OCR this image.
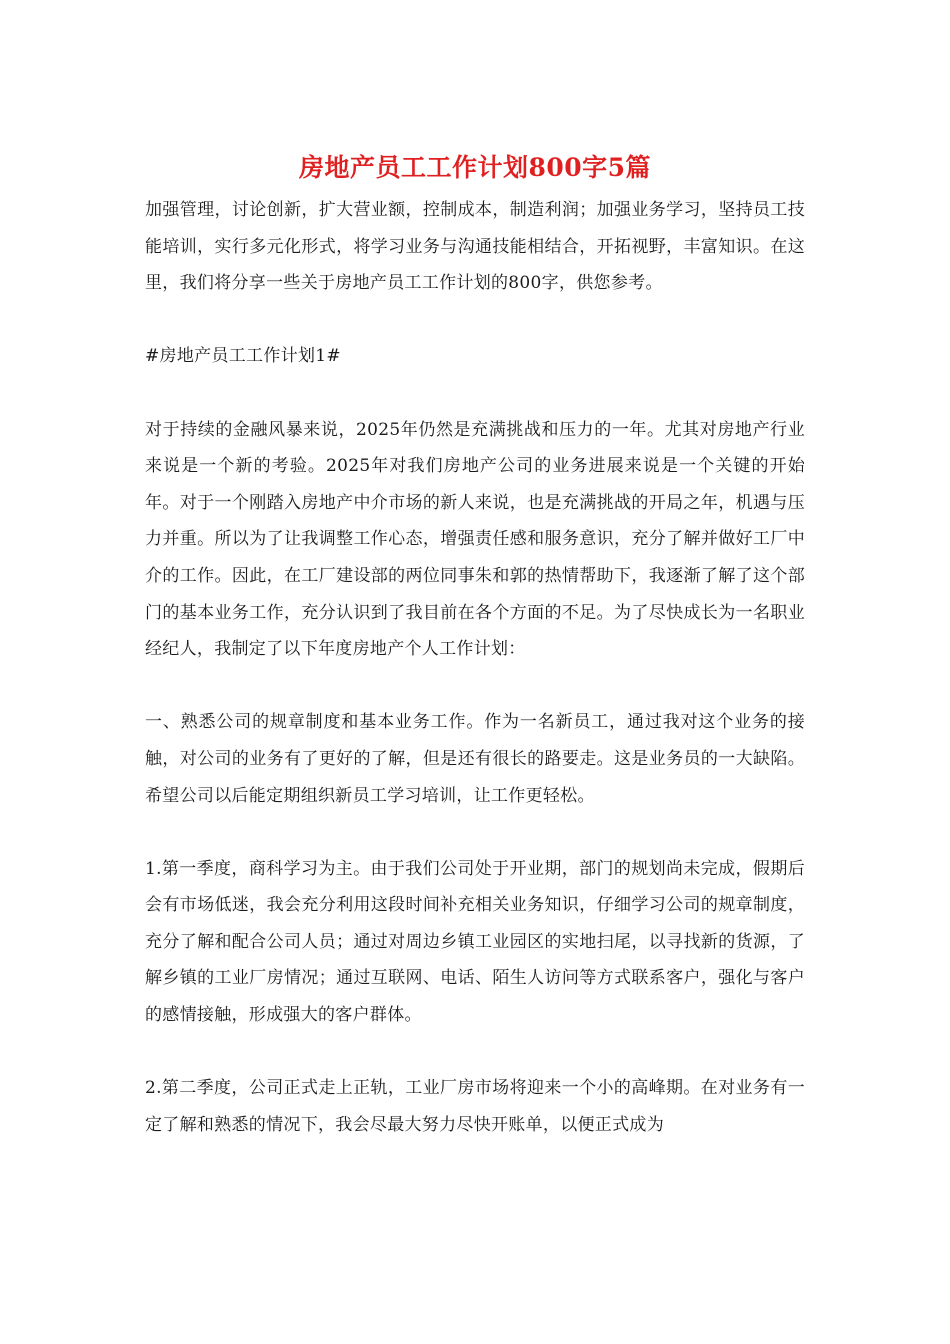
房地产员工工作计划800字5篇

加强管理，讨论创新，扩大营业额，控制成本，制造利润；加强业务学习，坚持员工技能培训，实行多元化形式，将学习业务与沟通技能相结合，开拓视野，丰富知识。在这里，我们将分享一些关于房地产员工工作计划的800字，供您参考。

#房地产员工工作计划1#

对于持续的金融风暴来说，2025年仍然是充满挑战和压力的一年。尤其对房地产行业来说是一个新的考验。2025年对我们房地产公司的业务进展来说是一个关键的开始年。对于一个刚踏入房地产中介市场的新人来说，也是充满挑战的开局之年，机遇与压力并重。所以为了让我调整工作心态，增强责任感和服务意识，充分了解并做好工厂中介的工作。因此，在工厂建设部的两位同事朱和郭的热情帮助下，我逐渐了解了这个部门的基本业务工作，充分认识到了我目前在各个方面的不足。为了尽快成长为一名职业经纪人，我制定了以下年度房地产个人工作计划：

一、熟悉公司的规章制度和基本业务工作。作为一名新员工，通过我对这个业务的接触，对公司的业务有了更好的了解，但是还有很长的路要走。这是业务员的一大缺陷。希望公司以后能定期组织新员工学习培训，让工作更轻松。

1.第一季度，商科学习为主。由于我们公司处于开业期，部门的规划尚未完成，假期后会有市场低迷，我会充分利用这段时间补充相关业务知识，仔细学习公司的规章制度，充分了解和配合公司人员；通过对周边乡镇工业园区的实地扫尾，以寻找新的货源，了解乡镇的工业厂房情况；通过互联网、电话、陌生人访问等方式联系客户，强化与客户的感情接触，形成强大的客户群体。

2.第二季度，公司正式走上正轨，工业厂房市场将迎来一个小的高峰期。在对业务有一定了解和熟悉的情况下，我会尽最大努力尽快开账单，以便正式成为
